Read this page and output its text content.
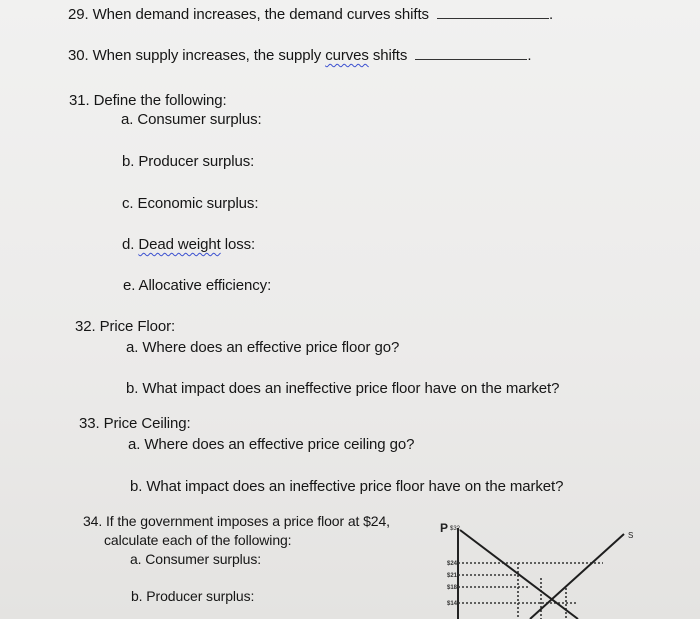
29. When demand increases, the demand curves shifts	.
30. When supply increases, the supply curves shifts	.
31. Define the following:
a. Consumer surplus:
b. Producer surplus:
c. Economic surplus:
d. Dead weight loss:
e. Allocative efficiency:
32. Price Floor:
a. Where does an effective price floor go?
b. What impact does an ineffective price floor have on the market?
33. Price Ceiling:
a. Where does an effective price ceiling go?
b. What impact does an ineffective price floor have on the market?
34. If the government imposes a price floor at $24,
calculate each of the following:
a. Consumer surplus:
b. Producer surplus:
P $32
$24
$21
$18
$14
S
